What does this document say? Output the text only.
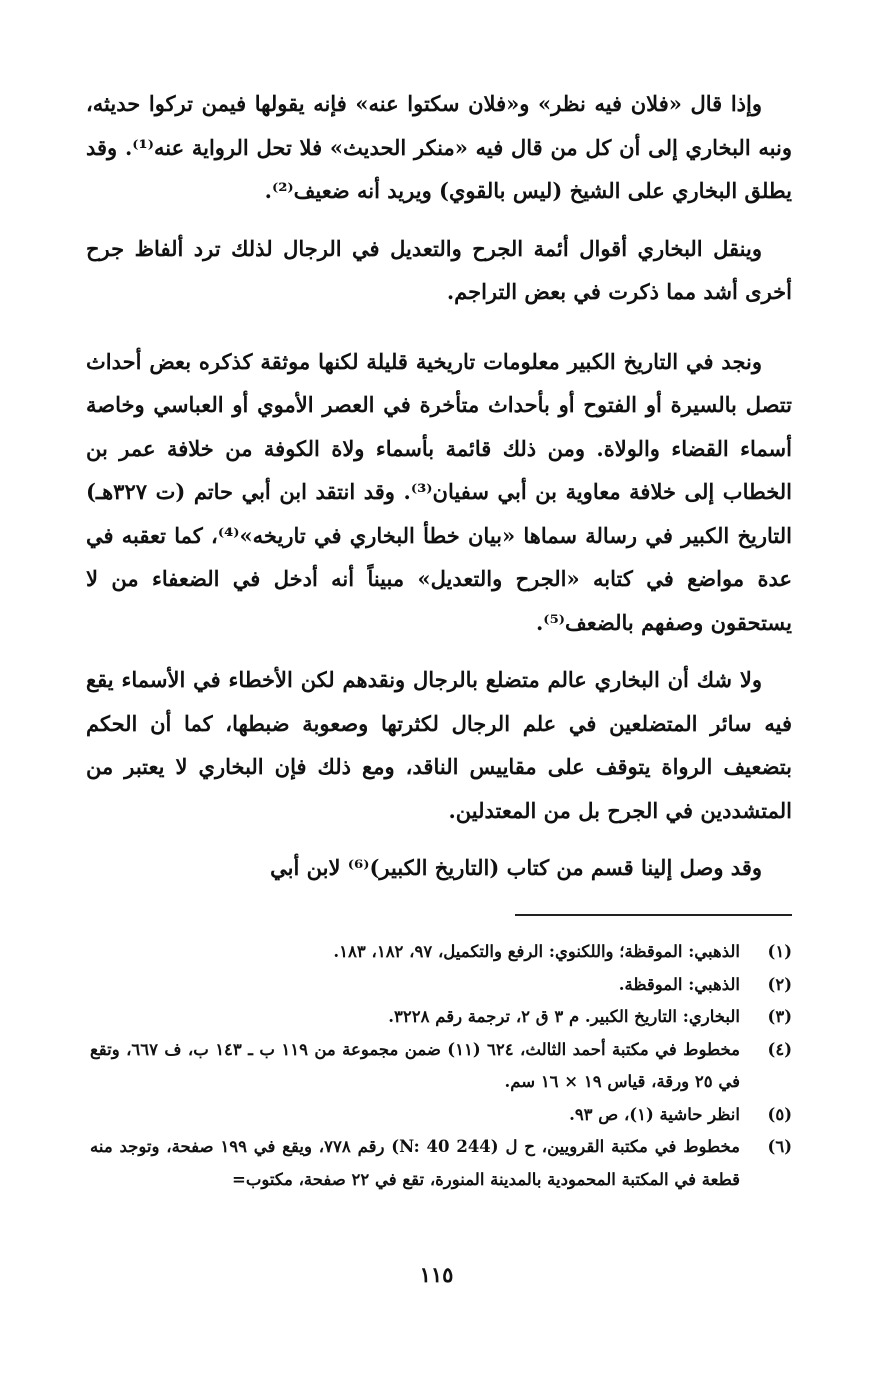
وإذا قال «فلان فيه نظر» و«فلان سكتوا عنه» فإنه يقولها فيمن تركوا حديثه، ونبه البخاري إلى أن كل من قال فيه «منكر الحديث» فلا تحل الرواية عنه⁽¹⁾. وقد يطلق البخاري على الشيخ (ليس بالقوي) ويريد أنه ضعيف⁽²⁾.

وينقل البخاري أقوال أئمة الجرح والتعديل في الرجال لذلك ترد ألفاظ جرح أخرى أشد مما ذكرت في بعض التراجم.

ونجد في التاريخ الكبير معلومات تاريخية قليلة لكنها موثقة كذكره بعض أحداث تتصل بالسيرة أو الفتوح أو بأحداث متأخرة في العصر الأموي أو العباسي وخاصة أسماء القضاء والولاة. ومن ذلك قائمة بأسماء ولاة الكوفة من خلافة عمر بن الخطاب إلى خلافة معاوية بن أبي سفيان⁽³⁾. وقد انتقد ابن أبي حاتم (ت ٣٢٧هـ) التاريخ الكبير في رسالة سماها «بيان خطأ البخاري في تاريخه»⁽⁴⁾، كما تعقبه في عدة مواضع في كتابه «الجرح والتعديل» مبيناً أنه أدخل في الضعفاء من لا يستحقون وصفهم بالضعف⁽⁵⁾.

ولا شك أن البخاري عالم متضلع بالرجال ونقدهم لكن الأخطاء في الأسماء يقع فيه سائر المتضلعين في علم الرجال لكثرتها وصعوبة ضبطها، كما أن الحكم بتضعيف الرواة يتوقف على مقاييس الناقد، ومع ذلك فإن البخاري لا يعتبر من المتشددين في الجرح بل من المعتدلين.

وقد وصل إلينا قسم من كتاب (التاريخ الكبير)⁽⁶⁾ لابن أبي

(١)
الذهبي: الموقظة؛ واللكنوي: الرفع والتكميل، ٩٧، ١٨٢، ١٨٣.
(٢)
الذهبي: الموقظة.
(٣)
البخاري: التاريخ الكبير. م ٣ ق ٢، ترجمة رقم ٣٢٢٨.
(٤)
مخطوط في مكتبة أحمد الثالث، ٦٢٤ (١١) ضمن مجموعة من ١١٩ ب ـ ١٤٣ ب، ف ٦٦٧، وتقع في ٢٥ ورقة، قياس ١٩ × ١٦ سم.
(٥)
انظر حاشية (١)، ص ٩٣.
(٦)
مخطوط في مكتبة القرويين، ح ل (244 N: 40) رقم ٧٧٨، ويقع في ١٩٩ صفحة، وتوجد منه قطعة في المكتبة المحمودية بالمدينة المنورة، تقع في ٢٢ صفحة، مكتوب=
١١٥
